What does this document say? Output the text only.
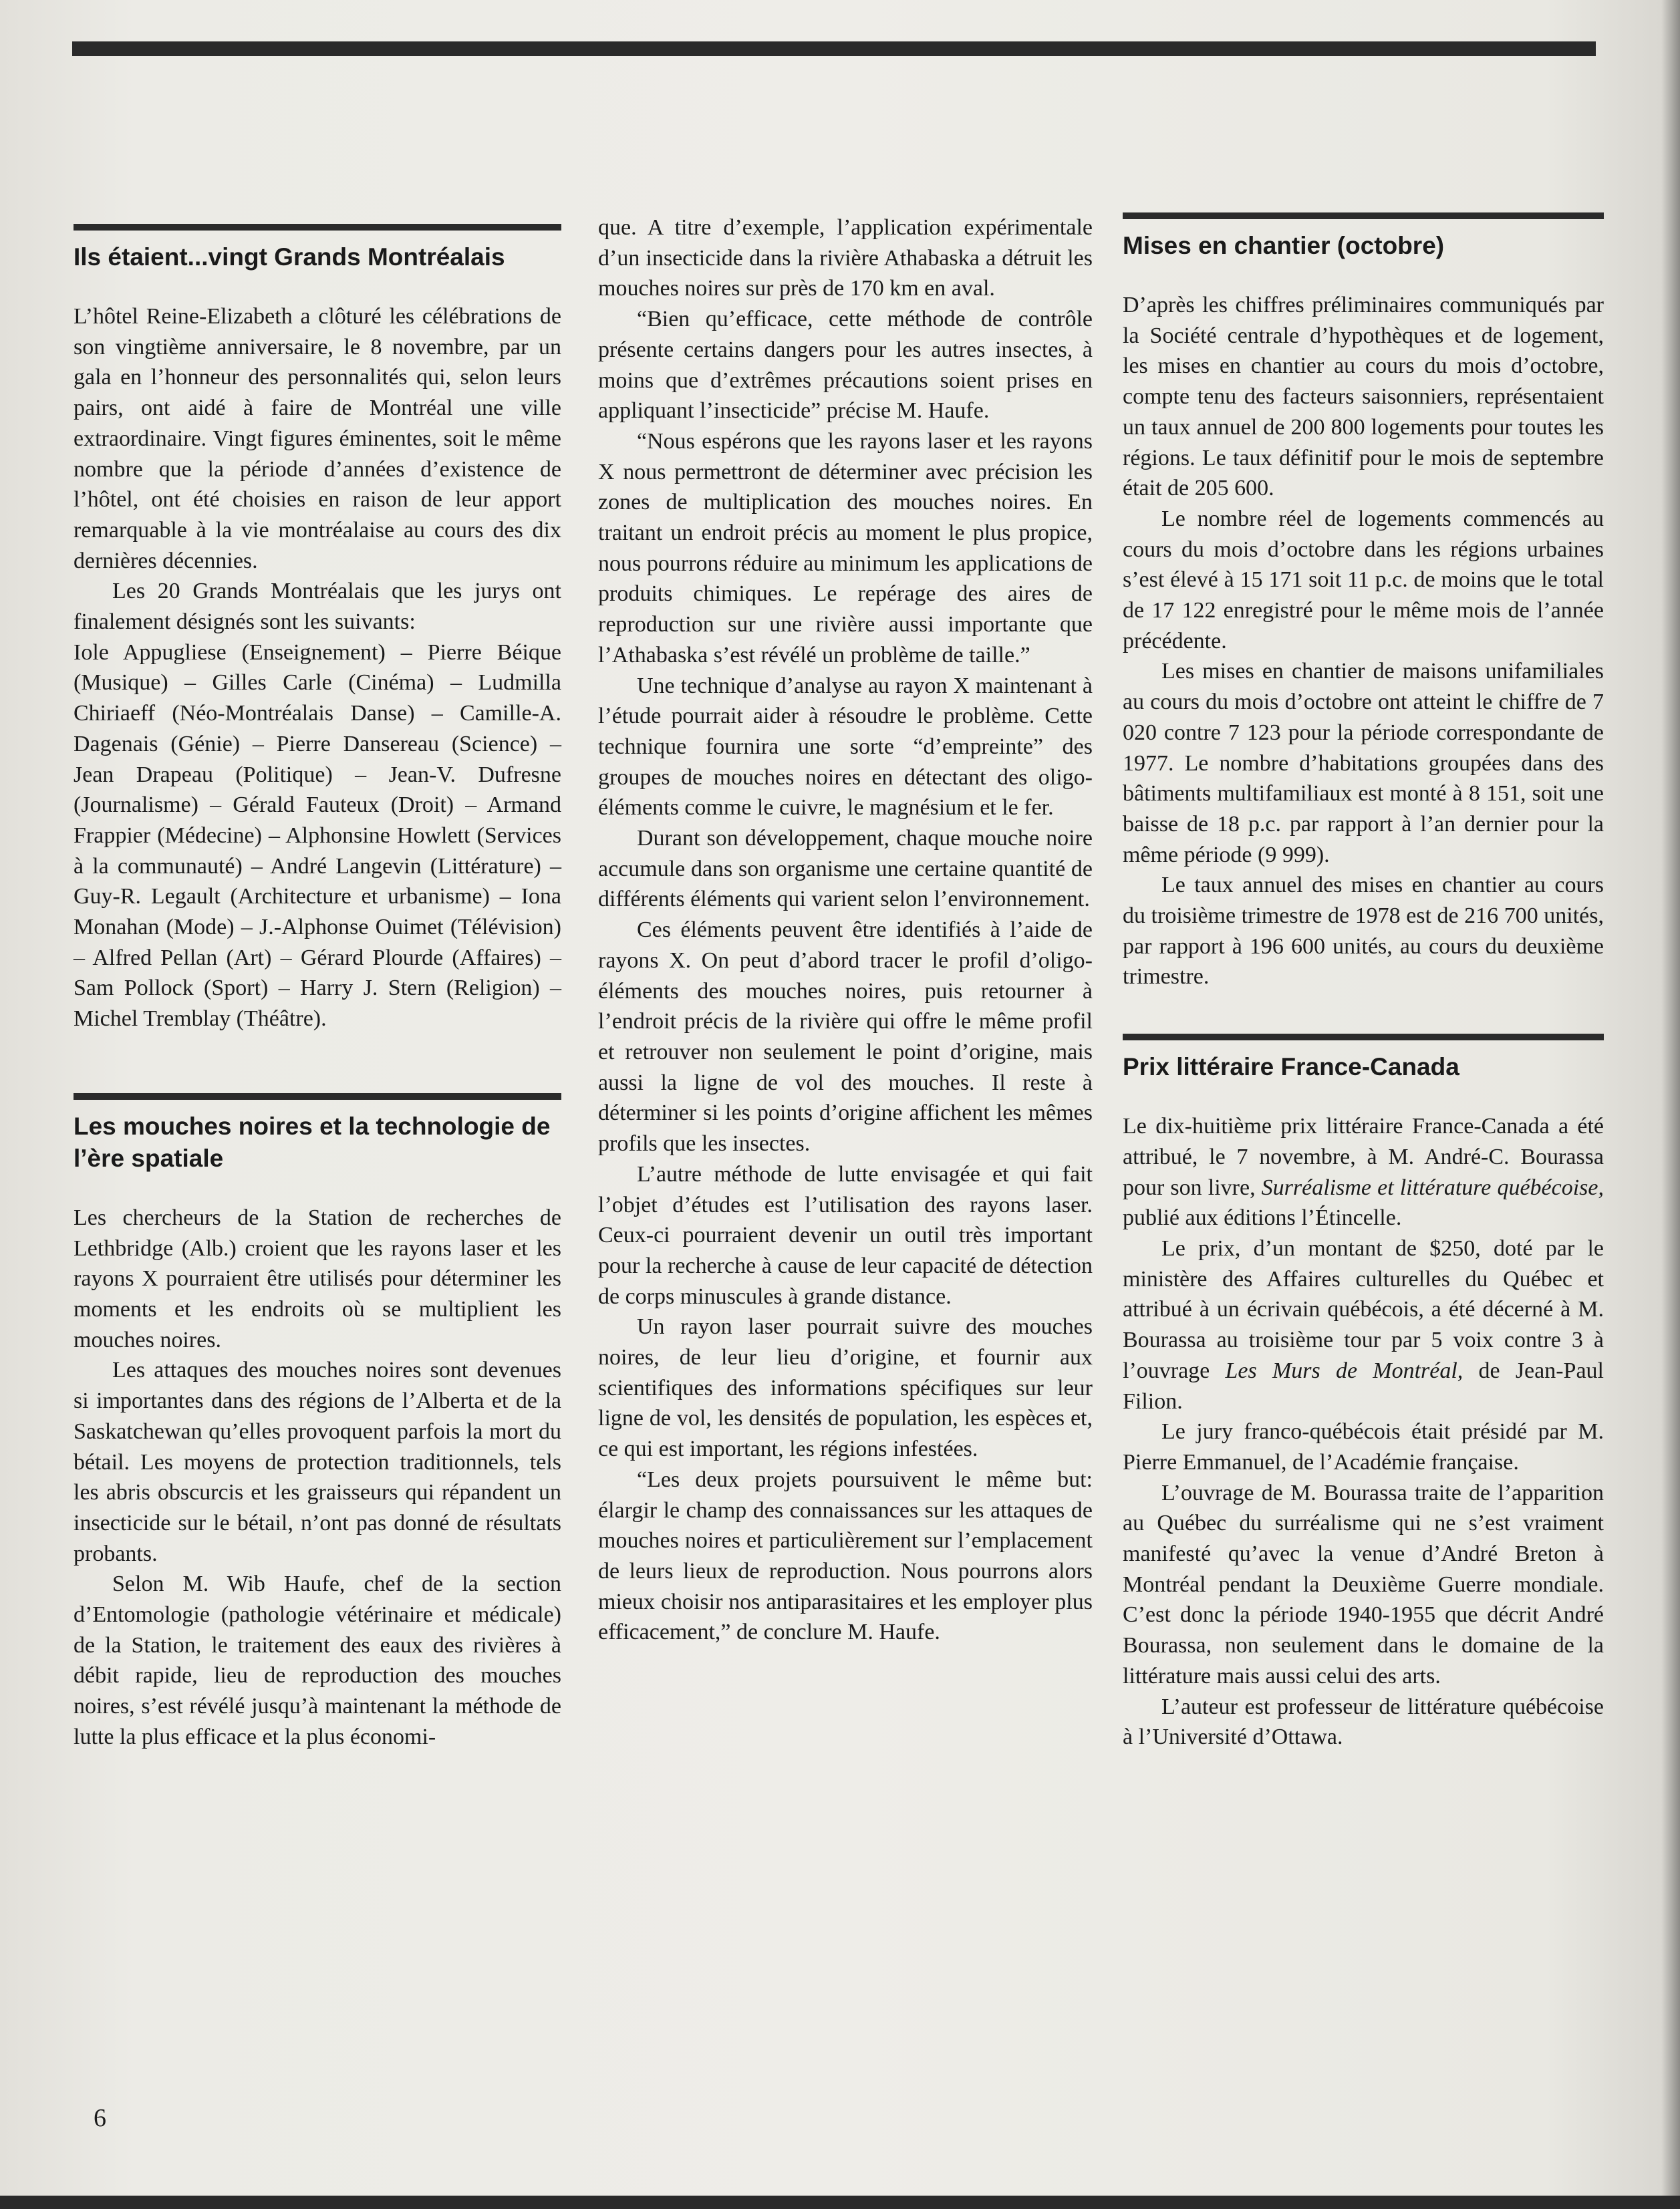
Ils étaient...vingt Grands Montréalais

L’hôtel Reine-Elizabeth a clôturé les célébrations de son vingtième anniversaire, le 8 novembre, par un gala en l’honneur des personnalités qui, selon leurs pairs, ont aidé à faire de Montréal une ville extraordinaire. Vingt figures éminentes, soit le même nombre que la période d’années d’existence de l’hôtel, ont été choisies en raison de leur apport remarquable à la vie montréalaise au cours des dix dernières décennies.

Les 20 Grands Montréalais que les jurys ont finalement désignés sont les suivants:

Iole Appugliese (Enseignement) – Pierre Béique (Musique) – Gilles Carle (Cinéma) – Ludmilla Chiriaeff (Néo-Montréalais Danse) – Camille-A. Dagenais (Génie) – Pierre Dansereau (Science) – Jean Drapeau (Politique) – Jean-V. Dufresne (Journalisme) – Gérald Fauteux (Droit) – Armand Frappier (Médecine) – Alphonsine Howlett (Services à la communauté) – André Langevin (Littérature) – Guy-R. Legault (Architecture et urbanisme) – Iona Monahan (Mode) – J.-Alphonse Ouimet (Télévision) – Alfred Pellan (Art) – Gérard Plourde (Affaires) – Sam Pollock (Sport) – Harry J. Stern (Religion) – Michel Tremblay (Théâtre).

Les mouches noires et la technologie de l’ère spatiale

Les chercheurs de la Station de recherches de Lethbridge (Alb.) croient que les rayons laser et les rayons X pourraient être utilisés pour déterminer les moments et les endroits où se multiplient les mouches noires.

Les attaques des mouches noires sont devenues si importantes dans des régions de l’Alberta et de la Saskatchewan qu’elles provoquent parfois la mort du bétail. Les moyens de protection traditionnels, tels les abris obscurcis et les graisseurs qui répandent un insecticide sur le bétail, n’ont pas donné de résultats probants.

Selon M. Wib Haufe, chef de la section d’Entomologie (pathologie vétérinaire et médicale) de la Station, le traitement des eaux des rivières à débit rapide, lieu de reproduction des mouches noires, s’est révélé jusqu’à maintenant la méthode de lutte la plus efficace et la plus économi-

que. A titre d’exemple, l’application expérimentale d’un insecticide dans la rivière Athabaska a détruit les mouches noires sur près de 170 km en aval.

“Bien qu’efficace, cette méthode de contrôle présente certains dangers pour les autres insectes, à moins que d’extrêmes précautions soient prises en appliquant l’insecticide” précise M. Haufe.

“Nous espérons que les rayons laser et les rayons X nous permettront de déterminer avec précision les zones de multiplication des mouches noires. En traitant un endroit précis au moment le plus propice, nous pourrons réduire au minimum les applications de produits chimiques. Le repérage des aires de reproduction sur une rivière aussi importante que l’Athabaska s’est révélé un problème de taille.”

Une technique d’analyse au rayon X maintenant à l’étude pourrait aider à résoudre le problème. Cette technique fournira une sorte “d’empreinte” des groupes de mouches noires en détectant des oligo-éléments comme le cuivre, le magnésium et le fer.

Durant son développement, chaque mouche noire accumule dans son organisme une certaine quantité de différents éléments qui varient selon l’environnement.

Ces éléments peuvent être identifiés à l’aide de rayons X. On peut d’abord tracer le profil d’oligo-éléments des mouches noires, puis retourner à l’endroit précis de la rivière qui offre le même profil et retrouver non seulement le point d’origine, mais aussi la ligne de vol des mouches. Il reste à déterminer si les points d’origine affichent les mêmes profils que les insectes.

L’autre méthode de lutte envisagée et qui fait l’objet d’études est l’utilisation des rayons laser. Ceux-ci pourraient devenir un outil très important pour la recherche à cause de leur capacité de détection de corps minuscules à grande distance.

Un rayon laser pourrait suivre des mouches noires, de leur lieu d’origine, et fournir aux scientifiques des informations spécifiques sur leur ligne de vol, les densités de population, les espèces et, ce qui est important, les régions infestées.

“Les deux projets poursuivent le même but: élargir le champ des connaissances sur les attaques de mouches noires et particulièrement sur l’emplacement de leurs lieux de reproduction. Nous pourrons alors mieux choisir nos antiparasitaires et les employer plus efficacement,” de conclure M. Haufe.

Mises en chantier (octobre)

D’après les chiffres préliminaires communiqués par la Société centrale d’hypothèques et de logement, les mises en chantier au cours du mois d’octobre, compte tenu des facteurs saisonniers, représentaient un taux annuel de 200 800 logements pour toutes les régions. Le taux définitif pour le mois de septembre était de 205 600.

Le nombre réel de logements commencés au cours du mois d’octobre dans les régions urbaines s’est élevé à 15 171 soit 11 p.c. de moins que le total de 17 122 enregistré pour le même mois de l’année précédente.

Les mises en chantier de maisons unifamiliales au cours du mois d’octobre ont atteint le chiffre de 7 020 contre 7 123 pour la période correspondante de 1977. Le nombre d’habitations groupées dans des bâtiments multifamiliaux est monté à 8 151, soit une baisse de 18 p.c. par rapport à l’an dernier pour la même période (9 999).

Le taux annuel des mises en chantier au cours du troisième trimestre de 1978 est de 216 700 unités, par rapport à 196 600 unités, au cours du deuxième trimestre.

Prix littéraire France-Canada

Le dix-huitième prix littéraire France-Canada a été attribué, le 7 novembre, à M. André-C. Bourassa pour son livre, Surréalisme et littérature québécoise, publié aux éditions l’Étincelle.

Le prix, d’un montant de $250, doté par le ministère des Affaires culturelles du Québec et attribué à un écrivain québécois, a été décerné à M. Bourassa au troisième tour par 5 voix contre 3 à l’ouvrage Les Murs de Montréal, de Jean-Paul Filion.

Le jury franco-québécois était présidé par M. Pierre Emmanuel, de l’Académie française.

L’ouvrage de M. Bourassa traite de l’apparition au Québec du surréalisme qui ne s’est vraiment manifesté qu’avec la venue d’André Breton à Montréal pendant la Deuxième Guerre mondiale. C’est donc la période 1940-1955 que décrit André Bourassa, non seulement dans le domaine de la littérature mais aussi celui des arts.

L’auteur est professeur de littérature québécoise à l’Université d’Ottawa.

6
